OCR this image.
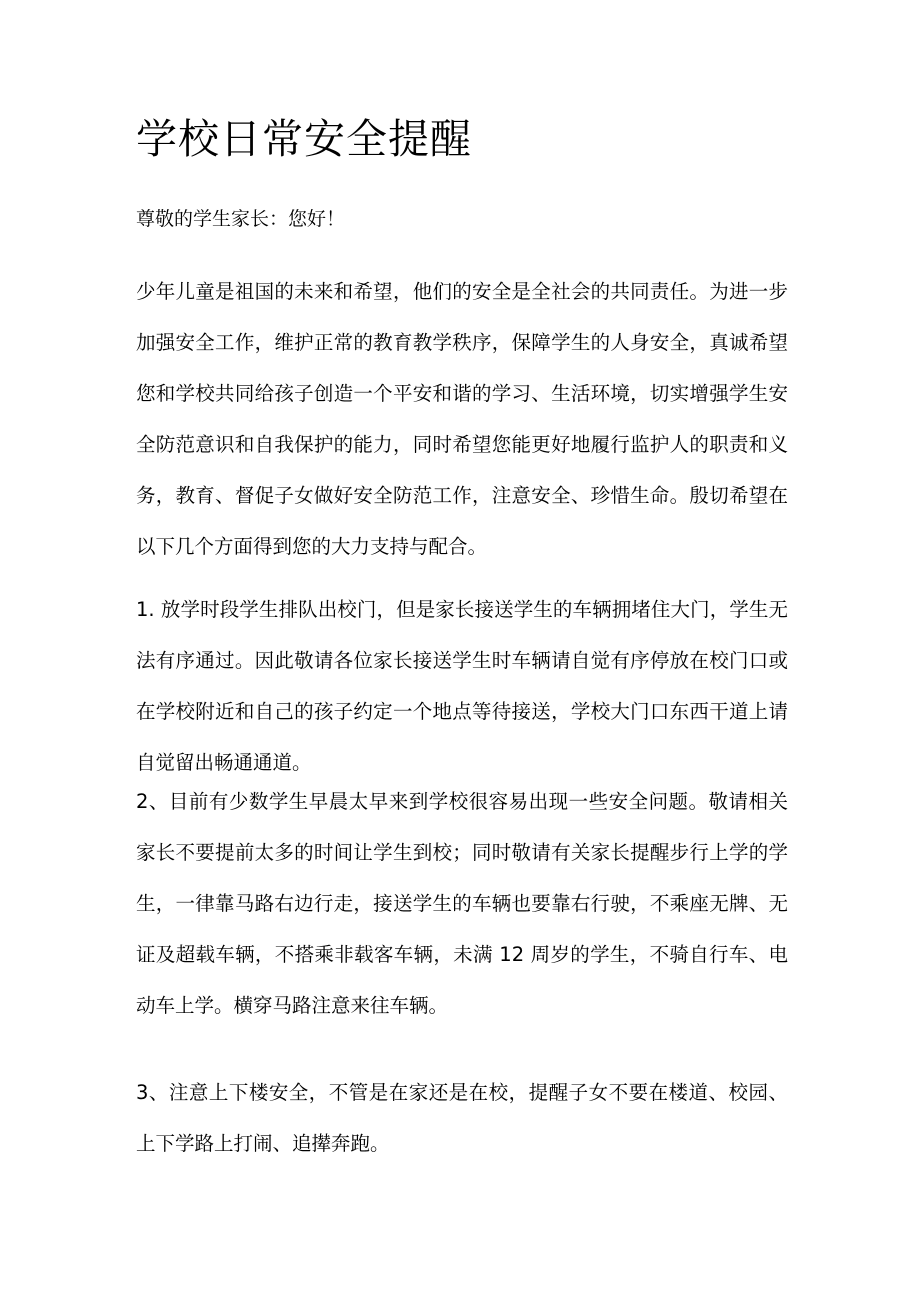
学校日常安全提醒

尊敬的学生家长：您好！

少年儿童是祖国的未来和希望，他们的安全是全社会的共同责任。为进一步加强安全工作，维护正常的教育教学秩序，保障学生的人身安全，真诚希望您和学校共同给孩子创造一个平安和谐的学习、生活环境，切实增强学生安全防范意识和自我保护的能力，同时希望您能更好地履行监护人的职责和义务，教育、督促子女做好安全防范工作，注意安全、珍惜生命。殷切希望在以下几个方面得到您的大力支持与配合。

1. 放学时段学生排队出校门，但是家长接送学生的车辆拥堵住大门，学生无法有序通过。因此敬请各位家长接送学生时车辆请自觉有序停放在校门口或在学校附近和自己的孩子约定一个地点等待接送，学校大门口东西干道上请自觉留出畅通通道。

2、目前有少数学生早晨太早来到学校很容易出现一些安全问题。敬请相关家长不要提前太多的时间让学生到校；同时敬请有关家长提醒步行上学的学生，一律靠马路右边行走，接送学生的车辆也要靠右行驶，不乘座无牌、无证及超载车辆，不搭乘非载客车辆，未满 12 周岁的学生，不骑自行车、电动车上学。横穿马路注意来往车辆。

3、注意上下楼安全，不管是在家还是在校，提醒子女不要在楼道、校园、上下学路上打闹、追撵奔跑。
